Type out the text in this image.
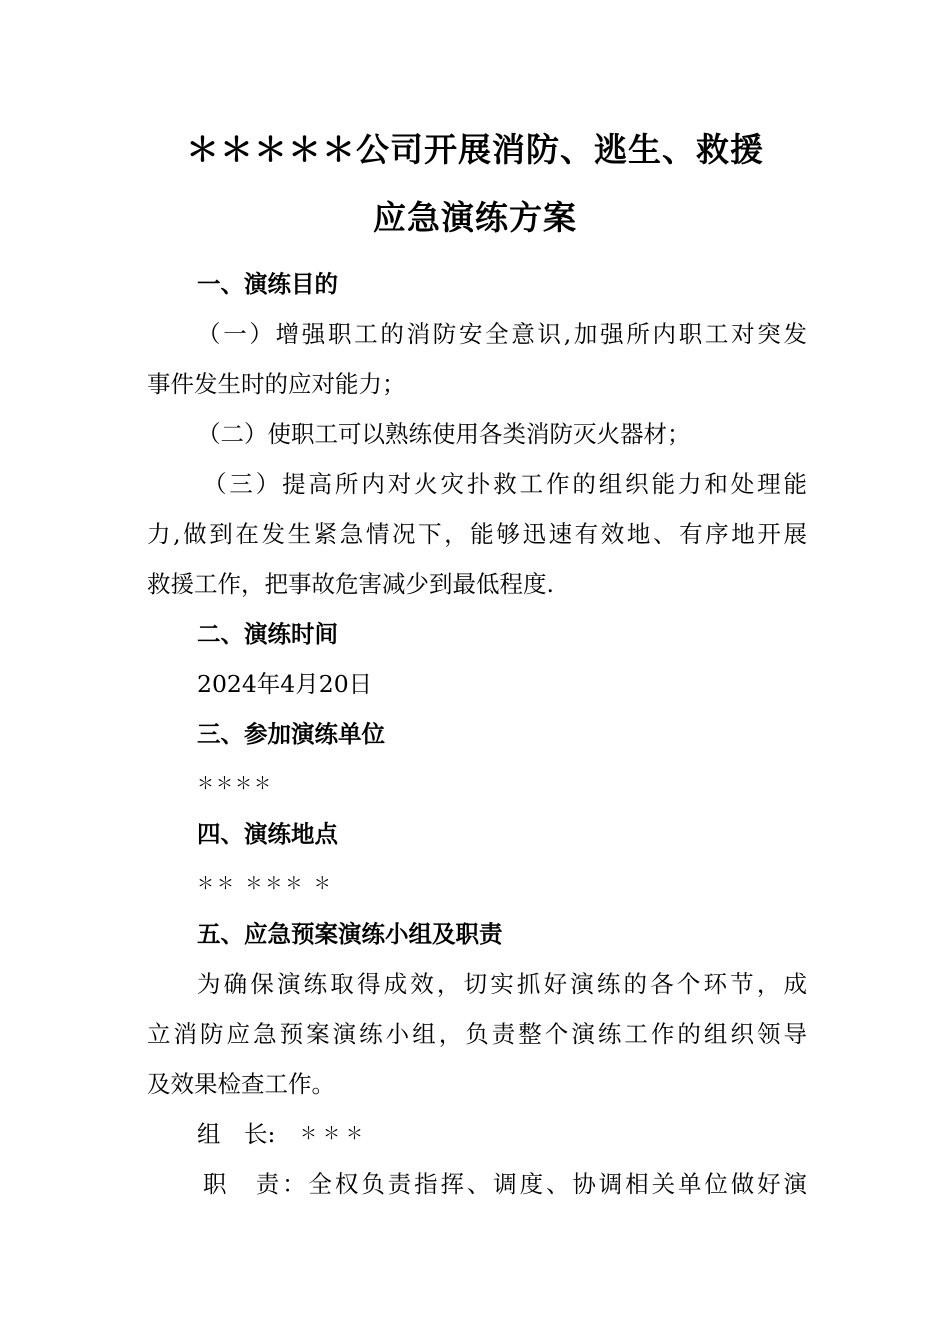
＊＊＊＊＊公司开展消防、逃生、救援
应急演练方案
一、演练目的
（一）增强职工的消防安全意识,加强所内职工对突发
事件发生时的应对能力；
（二）使职工可以熟练使用各类消防灭火器材；
（三）提高所内对火灾扑救工作的组织能力和处理能
力,做到在发生紧急情况下，能够迅速有效地、有序地开展
救援工作，把事故危害减少到最低程度.
二、演练时间
2024年4月20日
三、参加演练单位
＊＊＊＊
四、演练地点
＊＊ ＊＊＊ ＊
五、应急预案演练小组及职责
为确保演练取得成效，切实抓好演练的各个环节，成
立消防应急预案演练小组，负责整个演练工作的组织领导
及效果检查工作。
组　长: ＊＊＊
职　责：全权负责指挥、调度、协调相关单位做好演
